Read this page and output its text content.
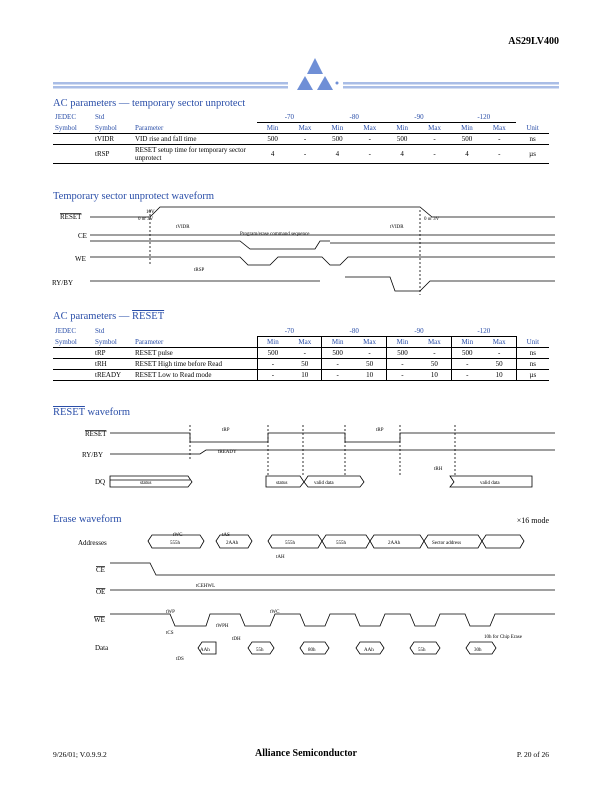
AS29LV400
AC parameters — temporary sector unprotect
JEDEC	Std		-70		-80		-90		-120		
Symbol	Symbol	Parameter	Min	Max	Min	Max	Min	Max	Min	Max	Unit
	tVIDR	VID rise and fall time	500	-	500	-	500	-	500	-	ns
	tRSP	RESET setup time for temporary sector unprotect	4	-	4	-	4	-	4	-	µs
Temporary sector unprotect waveform
RESET
CE
WE
RY/BY
10V
0 or 3V
tVIDR	tVIDR
0 or 3V
Program/erase command sequence
tRSP
AC parameters — RESET
JEDEC	Std		-70		-80		-90		-120		
Symbol	Symbol	Parameter	Min	Max	Min	Max	Min	Max	Min	Max	Unit
	tRP	RESET pulse	500	-	500	-	500	-	500	-	ns
	tRH	RESET High time before Read	-	50	-	50	-	50	-	50	ns
	tREADY	RESET Low to Read mode	-	10	-	10	-	10	-	10	µs
RESET waveform
RESET
RY/BY
DQ
tRP	tRP
tREADY
tRH
status	status	valid data	valid data
Erase waveform	×16 mode
Addresses
CE
OE
WE
Data
555h	2AAh	555h	555h	2AAh	Sector address
AAh	55h	80h	AAh	55h	30h
tWC	tAS
tAH
tCEHWL
tWP
tWPH
tWC
tCS
tDH
tDS
10h for Chip Erase
9/26/01; V.0.9.9.2	Alliance Semiconductor	P. 20 of 26
